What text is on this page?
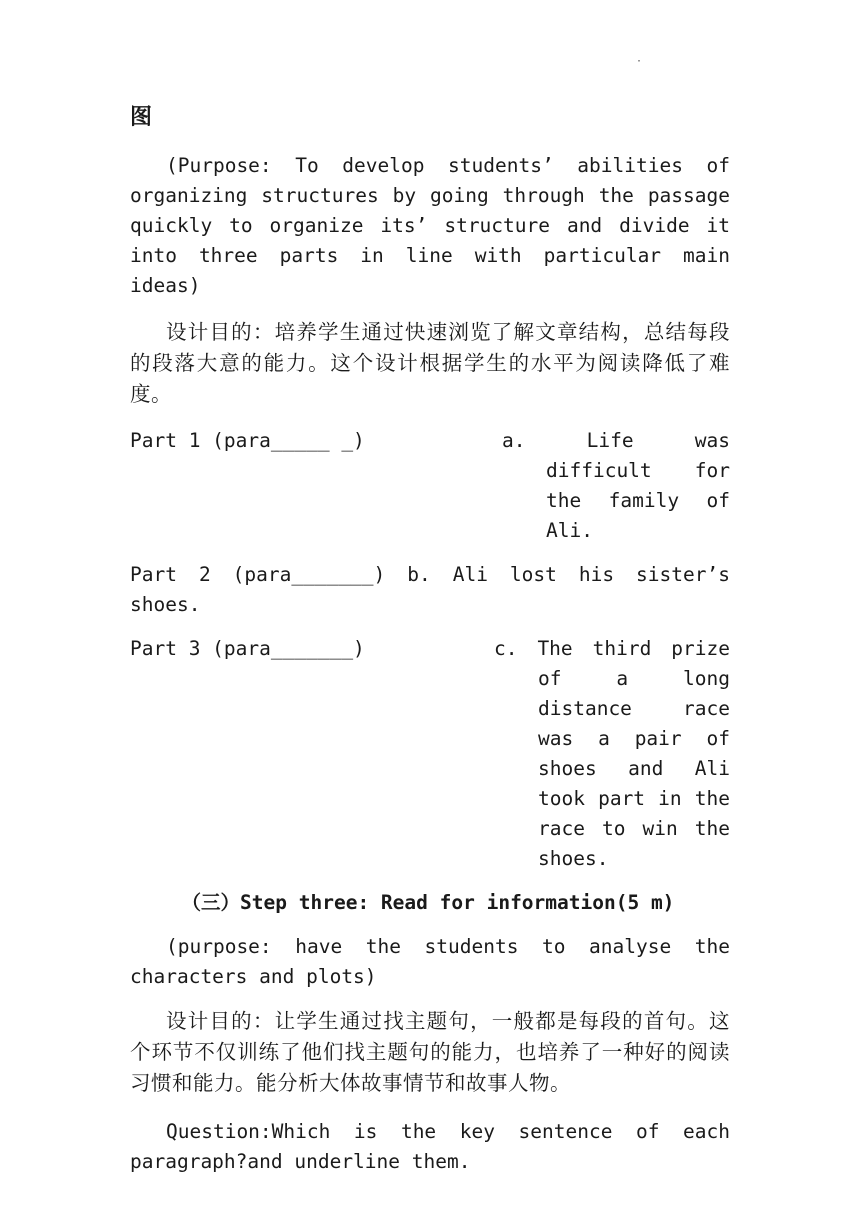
·

图

(Purpose: To develop students’ abilities of organizing structures by going through the passage quickly to organize its’ structure and divide it into three parts in line with particular main ideas)

设计目的：培养学生通过快速浏览了解文章结构，总结每段的段落大意的能力。这个设计根据学生的水平为阅读降低了难度。

Part 1 (para_____ _)	a. Life was difficult for the family of Ali.
Part 2 (para_______) b. Ali lost his sister’s

shoes.

Part 3 (para_______)	c. The third prize of a long distance race was a pair of shoes and Ali took part in the race to win the shoes.

（三）Step three: Read for information(5 m)

(purpose: have the students to analyse the characters and plots)

设计目的：让学生通过找主题句，一般都是每段的首句。这个环节不仅训练了他们找主题句的能力，也培养了一种好的阅读习惯和能力。能分析大体故事情节和故事人物。

Question:Which is the key sentence of each paragraph?and underline them.
